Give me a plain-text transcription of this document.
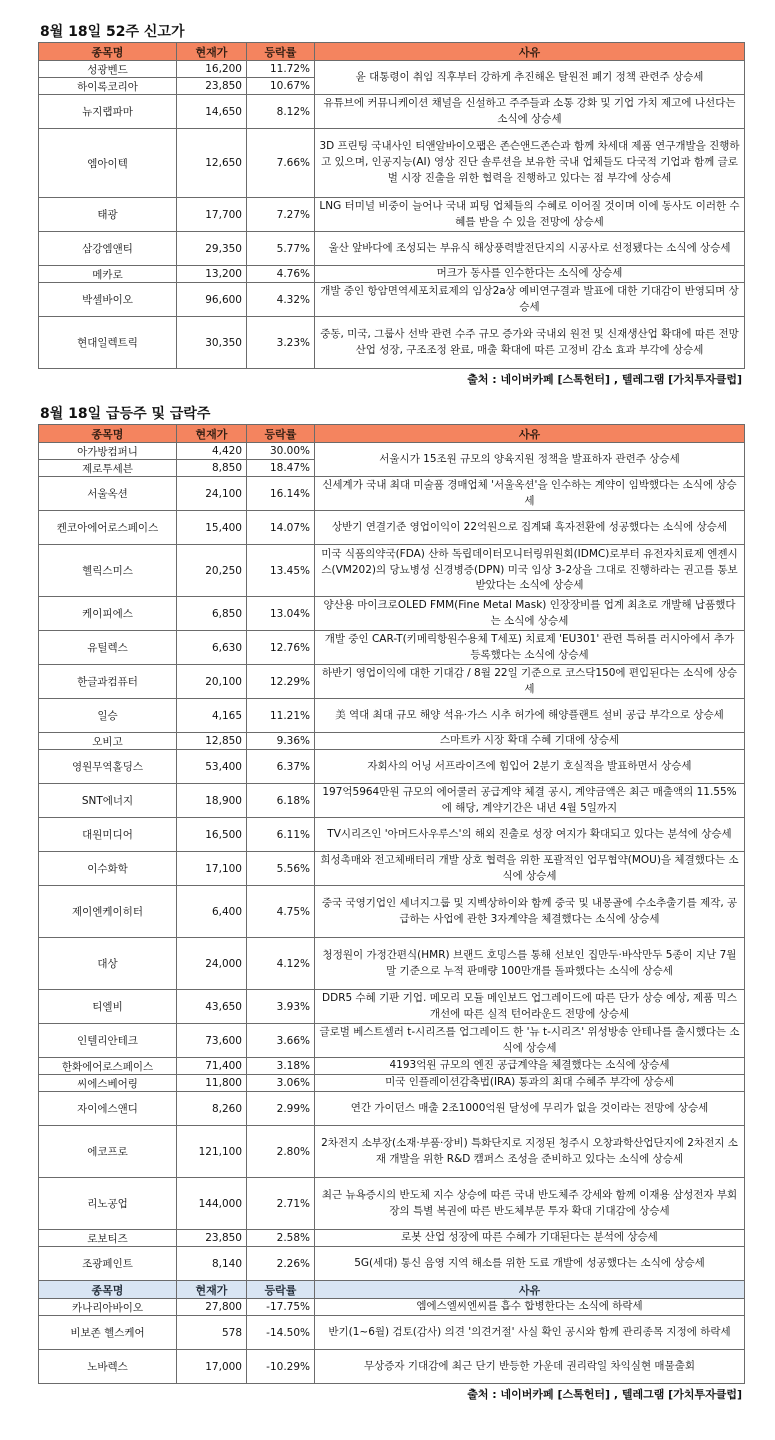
8월 18일 52주 신고가
종목명	현재가	등락률	사유
성광벤드	16,200	11.72%	윤 대통령이 취임 직후부터 강하게 추진해온 탈원전 폐기 정책 관련주 상승세
하이록코리아	23,850	10.67%	
뉴지랩파마	14,650	8.12%	유튜브에 커뮤니케이션 채널을 신설하고 주주들과 소통 강화 및 기업 가치 제고에 나선다는 소식에 상승세
엠아이텍	12,650	7.66%	3D 프린팅 국내사인 티앤알바이오팹은 존슨앤드존슨과 함께 차세대 제품 연구개발을 진행하고 있으며, 인공지능(AI) 영상 진단 솔루션을 보유한 국내 업체들도 다국적 기업과 함께 글로벌 시장 진출을 위한 협력을 진행하고 있다는 점 부각에 상승세
태광	17,700	7.27%	LNG 터미널 비중이 늘어나 국내 피팅 업체들의 수혜로 이어질 것이며 이에 동사도 이러한 수혜를 받을 수 있을 전망에 상승세
삼강엠앤티	29,350	5.77%	울산 앞바다에 조성되는 부유식 해상풍력발전단지의 시공사로 선정됐다는 소식에 상승세
메카로	13,200	4.76%	머크가 동사를 인수한다는 소식에 상승세
박셀바이오	96,600	4.32%	개발 중인 항암면역세포치료제의 임상2a상 예비연구결과 발표에 대한 기대감이 반영되며 상승세
현대일렉트릭	30,350	3.23%	중동, 미국, 그룹사 선박 관련 수주 규모 증가와 국내외 원전 및 신재생산업 확대에 따른 전망산업 성장, 구조조정 완료, 매출 확대에 따른 고정비 감소 효과 부각에 상승세
출처 : 네이버카페 [스톡헌터] , 텔레그램 [가치투자클럽]
8월 18일 급등주 및 급락주
종목명	현재가	등락률	사유
아가방컴퍼니	4,420	30.00%	서울시가 15조원 규모의 양육지원 정책을 발표하자 관련주 상승세
제로투세븐	8,850	18.47%	
서울옥션	24,100	16.14%	신세계가 국내 최대 미술품 경매업체 '서울옥션'을 인수하는 계약이 임박했다는 소식에 상승세
켄코아에어로스페이스	15,400	14.07%	상반기 연결기준 영업이익이 22억원으로 집계돼 흑자전환에 성공했다는 소식에 상승세
헬릭스미스	20,250	13.45%	미국 식품의약국(FDA) 산하 독립데이터모니터링위원회(IDMC)로부터 유전자치료제 엔젠시스(VM202)의 당뇨병성 신경병증(DPN) 미국 임상 3-2상을 그대로 진행하라는 권고를 통보받았다는 소식에 상승세
케이피에스	6,850	13.04%	양산용 마이크로OLED FMM(Fine Metal Mask) 인장장비를 업계 최초로 개발해 납품했다는 소식에 상승세
유틸렉스	6,630	12.76%	개발 중인 CAR-T(키메릭항원수용체 T세포) 치료제 'EU301' 관련 특허를 러시아에서 추가 등록했다는 소식에 상승세
한글과컴퓨터	20,100	12.29%	하반기 영업이익에 대한 기대감 / 8월 22일 기준으로 코스닥150에 편입된다는 소식에 상승세
일승	4,165	11.21%	美 역대 최대 규모 해양 석유·가스 시추 허가에 해양플랜트 설비 공급 부각으로 상승세
오비고	12,850	9.36%	스마트카 시장 확대 수혜 기대에 상승세
영원무역홀딩스	53,400	6.37%	자회사의 어닝 서프라이즈에 힘입어 2분기 호실적을 발표하면서 상승세
SNT에너지	18,900	6.18%	197억5964만원 규모의 에어쿨러 공급계약 체결 공시, 계약금액은 최근 매출액의 11.55%에 해당, 계약기간은 내년 4월 5일까지
대원미디어	16,500	6.11%	TV시리즈인 '아머드사우루스'의 해외 진출로 성장 여지가 확대되고 있다는 분석에 상승세
이수화학	17,100	5.56%	희성촉매와 전고체배터리 개발 상호 협력을 위한 포괄적인 업무협약(MOU)을 체결했다는 소식에 상승세
제이엔케이히터	6,400	4.75%	중국 국영기업인 세너지그룹 및 지벡상하이와 함께 중국 및 내몽골에 수소추출기를 제작, 공급하는 사업에 관한 3자계약을 체결했다는 소식에 상승세
대상	24,000	4.12%	청정원이 가정간편식(HMR) 브랜드 호밍스를 통해 선보인 집만두·바삭만두 5종이 지난 7월 말 기준으로 누적 판매량 100만개를 돌파했다는 소식에 상승세
티엘비	43,650	3.93%	DDR5 수혜 기판 기업. 메모리 모듈 메인보드 업그레이드에 따른 단가 상승 예상, 제품 믹스 개선에 따른 실적 턴어라운드 전망에 상승세
인텔리안테크	73,600	3.66%	글로벌 베스트셀러 t-시리즈를 업그레이드 한 '뉴 t-시리즈' 위성방송 안테나를 출시했다는 소식에 상승세
한화에어로스페이스	71,400	3.18%	4193억원 규모의 엔진 공급계약을 체결했다는 소식에 상승세
씨에스베어링	11,800	3.06%	미국 인플레이션감축법(IRA) 통과의 최대 수혜주 부각에 상승세
자이에스앤디	8,260	2.99%	연간 가이던스 매출 2조1000억원 달성에 무리가 없을 것이라는 전망에 상승세
에코프로	121,100	2.80%	2차전지 소부장(소재·부품·장비) 특화단지로 지정된 청주시 오창과학산업단지에 2차전지 소재 개발을 위한 R&D 캠퍼스 조성을 준비하고 있다는 소식에 상승세
리노공업	144,000	2.71%	최근 뉴욕증시의 반도체 지수 상승에 따른 국내 반도체주 강세와 함께 이재용 삼성전자 부회장의 특별 복권에 따른 반도체부문 투자 확대 기대감에 상승세
로보티즈	23,850	2.58%	로봇 산업 성장에 따른 수혜가 기대된다는 분석에 상승세
조광페인트	8,140	2.26%	5G(세대) 통신 음영 지역 해소를 위한 도료 개발에 성공했다는 소식에 상승세
종목명	현재가	등락률	사유
카나리아바이오	27,800	-17.75%	엠에스엘씨엔씨를 흡수 합병한다는 소식에 하락세
비보존 헬스케어	578	-14.50%	반기(1~6월) 검토(감사) 의견 '의견거절' 사실 확인 공시와 함께 관리종목 지정에 하락세
노바렉스	17,000	-10.29%	무상증자 기대감에 최근 단기 반등한 가운데 권리락일 차익실현 매물출회
출처 : 네이버카페 [스톡헌터] , 텔레그램 [가치투자클럽]
